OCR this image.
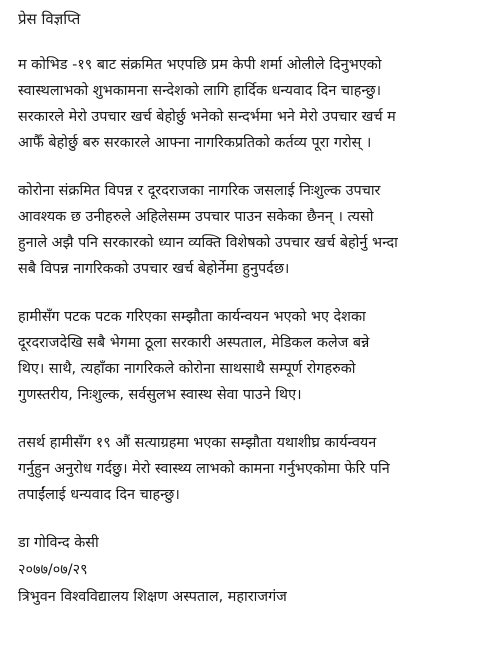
प्रेस विज्ञप्ति
म कोभिड -१९ बाट संक्रमित भएपछि प्रम केपी शर्मा ओलीले दिनुभएको
स्वास्थलाभको शुभकामना सन्देशको लागि हार्दिक धन्यवाद दिन चाहन्छु।
सरकारले मेरो उपचार खर्च बेहोर्छु भनेको सन्दर्भमा भने मेरो उपचार खर्च म
आफैँ बेहोर्छु बरु सरकारले आफ्ना नागरिकप्रतिको कर्तव्य पूरा गरोस् ।
कोरोना संक्रमित विपन्न र दूरदराजका नागरिक जसलाई निःशुल्क उपचार
आवश्यक छ उनीहरुले अहिलेसम्म उपचार पाउन सकेका छैनन् । त्यसो
हुनाले अझै पनि सरकारको ध्यान व्यक्ति विशेषको उपचार खर्च बेहोर्नु भन्दा
सबै विपन्न नागरिकको उपचार खर्च बेहोर्नेमा हुनुपर्दछ।
हामीसँग पटक पटक गरिएका सम्झौता कार्यन्वयन भएको भए देशका
दूरदराजदेखि सबै भेगमा ठूला सरकारी अस्पताल, मेडिकल कलेज बन्ने
थिए। साथै, त्यहाँका नागरिकले कोरोना साथसाथै सम्पूर्ण रोगहरुको
गुणस्तरीय, निःशुल्क, सर्वसुलभ स्वास्थ सेवा पाउने थिए।
तसर्थ हामीसँग १९ औं सत्याग्रहमा भएका सम्झौता यथाशीघ्र कार्यन्वयन
गर्नुहुन अनुरोध गर्दछु। मेरो स्वास्थ्य लाभको कामना गर्नुभएकोमा फेरि पनि
तपाईंलाई धन्यवाद दिन चाहन्छु।
डा गोविन्द केसी
२०७७/०७/२९
त्रिभुवन विश्वविद्यालय शिक्षण अस्पताल, महाराजगंज
